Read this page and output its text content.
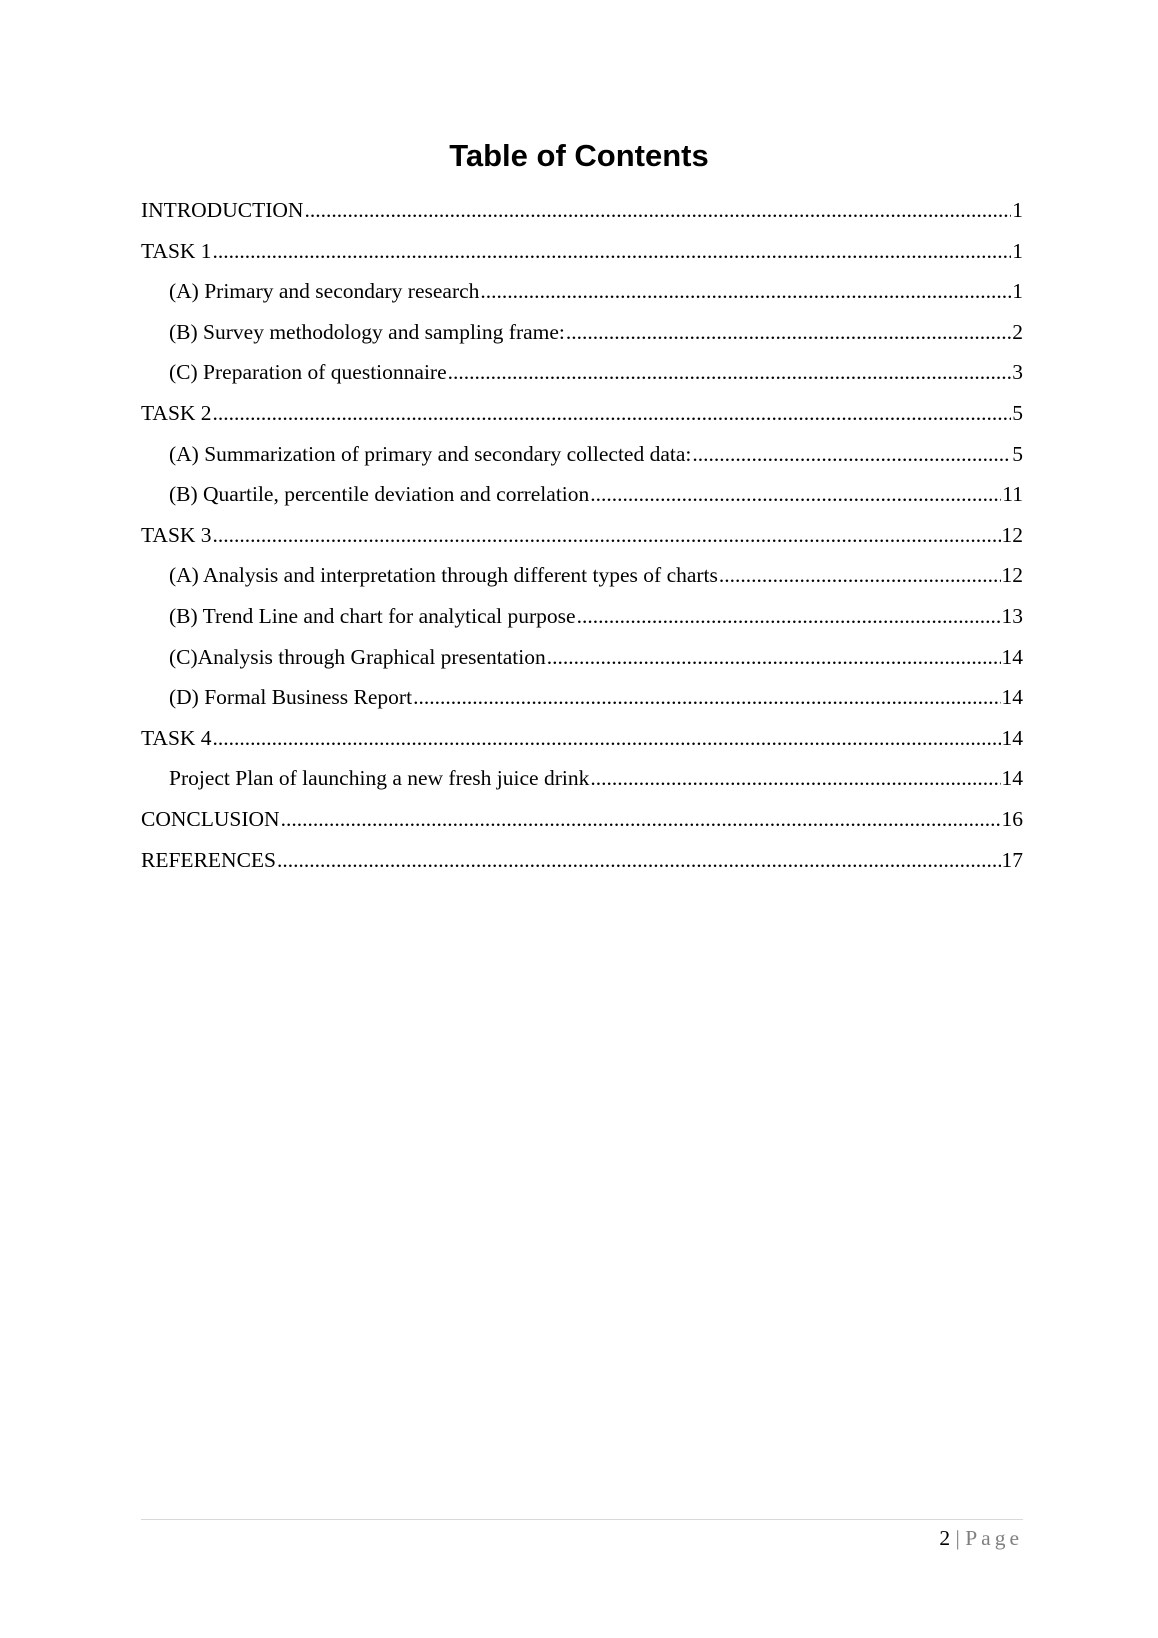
Table of Contents
INTRODUCTION .....	1
TASK 1 .....	1
(A) Primary and secondary research .....	1
(B) Survey methodology and sampling frame: .....	2
(C) Preparation of questionnaire .....	3
TASK 2 .....	5
(A) Summarization of primary and secondary collected data: .....	5
(B) Quartile, percentile deviation and correlation .....	11
TASK 3 .....	12
(A) Analysis and interpretation through different types of charts .....	12
(B) Trend Line and chart for analytical purpose .....	13
(C)Analysis through Graphical presentation .....	14
(D) Formal Business Report .....	14
TASK 4 .....	14
Project Plan of launching a new fresh juice drink .....	14
CONCLUSION .....	16
REFERENCES .....	17
2 | Page
